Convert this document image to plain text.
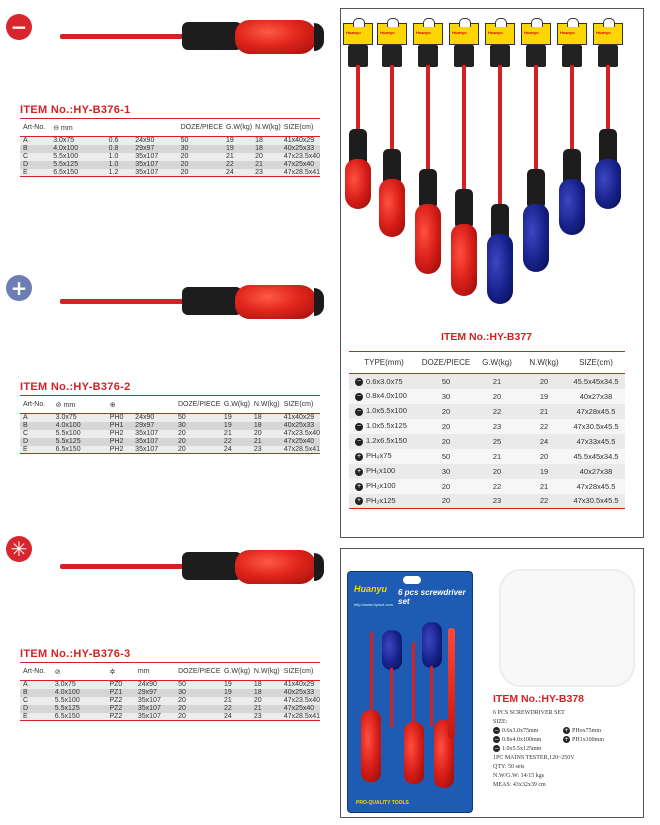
−
ITEM No.:HY-B376-1
Art-No.	⊖ mm			DOZE/PIECE	G.W(kg)	N.W(kg)	SIZE(cm)
A	3.0x75	0.6	24x90	50	19	18	41x40x29
B	4.0x100	0.8	29x97	30	19	18	40x25x33
C	5.5x100	1.0	35x107	20	21	20	47x23.5x40
D	5.5x125	1.0	35x107	20	22	21	47x25x40
E	6.5x150	1.2	35x107	20	24	23	47x28.5x41
+
ITEM No.:HY-B376-2
Art-No.	⊘ mm	⊕		DOZE/PIECE	G.W(kg)	N.W(kg)	SIZE(cm)
A	3.0x75	PH0	24x90	50	19	18	41x40x29
B	4.0x100	PH1	29x97	30	19	18	40x25x33
C	5.5x100	PH2	35x107	20	21	20	47x23.5x40
D	5.5x125	PH2	35x107	20	22	21	47x25x40
E	6.5x150	PH2	35x107	20	24	23	47x28.5x41
✳
ITEM No.:HY-B376-3
Art-No.	⊘	✲	mm	DOZE/PIECE	G.W(kg)	N.W(kg)	SIZE(cm)
A	3.0x75	PZ0	24x90	50	19	18	41x40x29
B	4.0x100	PZ1	29x97	30	19	18	40x25x33
C	5.5x100	PZ2	35x107	20	21	20	47x23.5x40
D	5.5x125	PZ2	35x107	20	22	21	47x25x40
E	6.5x150	PZ2	35x107	20	24	23	47x28.5x41
Huanyu	Huanyu	Huanyu	Huanyu	Huanyu	Huanyu	Huanyu	Huanyu
ITEM No.:HY-B377
TYPE(mm)	DOZE/PIECE	G.W(kg)	N.W(kg)	SIZE(cm)
− 0.6x3.0x75	50	21	20	45.5x45x34.5
− 0.8x4.0x100	30	20	19	40x27x38
− 1.0x5.5x100	20	22	21	47x28x45.5
− 1.0x5.5x125	20	23	22	47x30.5x45.5
− 1.2x6.5x150	20	25	24	47x33x45.5
+ PH₀x75	50	21	20	45.5x45x34.5
+ PH₁x100	30	20	19	40x27x38
+ PH₂x100	20	22	21	47x28x45.5
+ PH₂x125	20	23	22	47x30.5x45.5
Huanyu 6 pcs screwdriver set
http://www.hytool.com
PRO-QUALITY TOOLS
ITEM No.:HY-B378
6 PCS SCREWDRIVER SET
SIZE:
− 0.6x3.0x75mm	+ PHox75mm
− 0.8x4.0x100mm	+ PH1x100mm
− 1.0x5.5x125mm
1PC MAINS TESTER,120~250V
QTY: 50 sets
N.W/G.W: 14/15 kgs
MEAS: 43x32x39 cm
